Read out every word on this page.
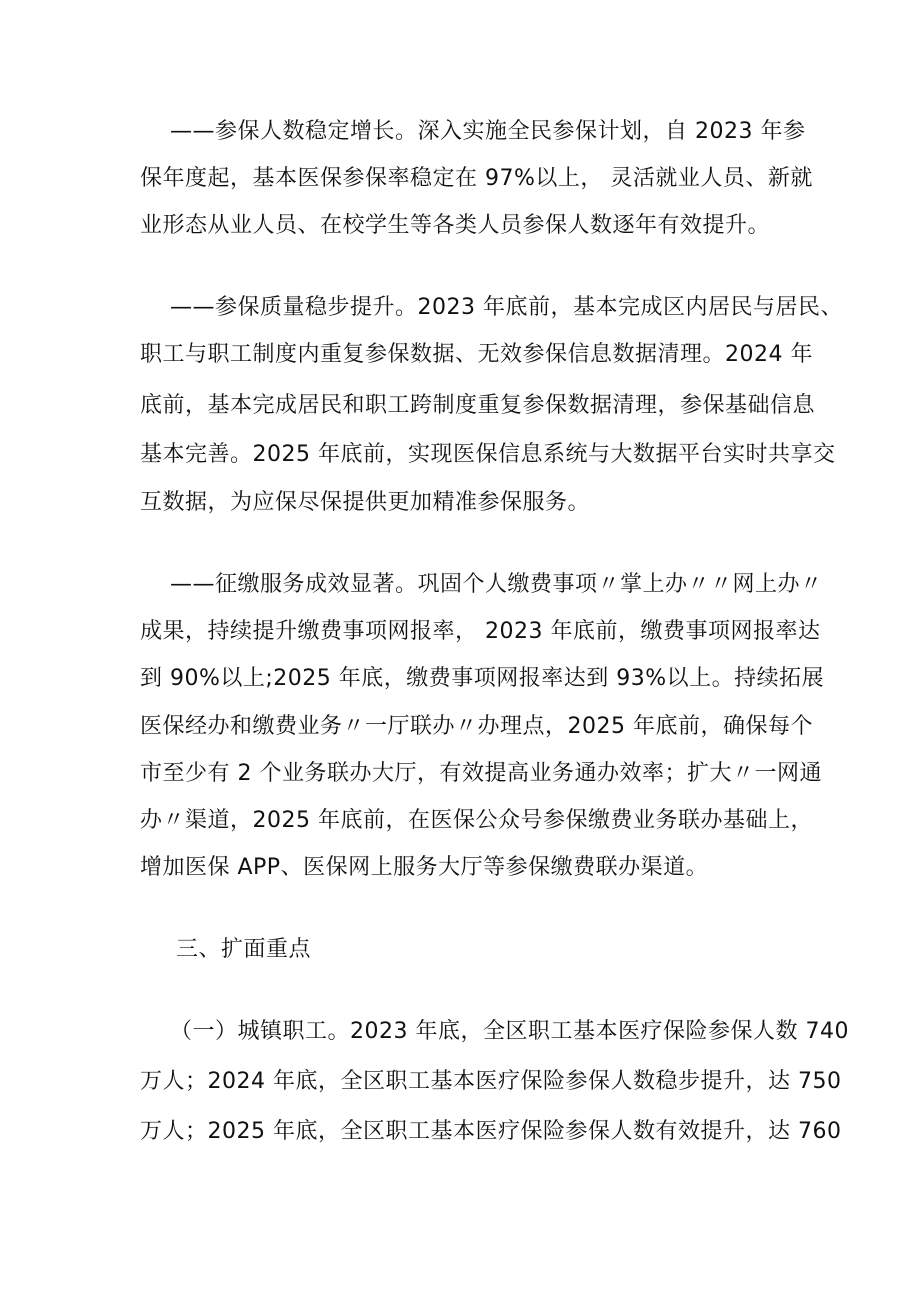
——参保人数稳定增长。深入实施全民参保计划，自 2023 年参
保年度起，基本医保参保率稳定在 97%以上， 灵活就业人员、新就
业形态从业人员、在校学生等各类人员参保人数逐年有效提升。
——参保质量稳步提升。2023 年底前，基本完成区内居民与居民、
职工与职工制度内重复参保数据、无效参保信息数据清理。2024 年
底前，基本完成居民和职工跨制度重复参保数据清理，参保基础信息
基本完善。2025 年底前，实现医保信息系统与大数据平台实时共享交
互数据，为应保尽保提供更加精准参保服务。
——征缴服务成效显著。巩固个人缴费事项〃掌上办〃〃网上办〃
成果，持续提升缴费事项网报率， 2023 年底前，缴费事项网报率达
到 90%以上;2025 年底，缴费事项网报率达到 93%以上。持续拓展
医保经办和缴费业务〃一厅联办〃办理点，2025 年底前，确保每个
市至少有 2 个业务联办大厅，有效提高业务通办效率；扩大〃一网通
办〃渠道，2025 年底前，在医保公众号参保缴费业务联办基础上，
增加医保 APP、医保网上服务大厅等参保缴费联办渠道。
三、扩面重点
（一）城镇职工。2023 年底，全区职工基本医疗保险参保人数 740
万人；2024 年底，全区职工基本医疗保险参保人数稳步提升，达 750
万人；2025 年底，全区职工基本医疗保险参保人数有效提升，达 760
